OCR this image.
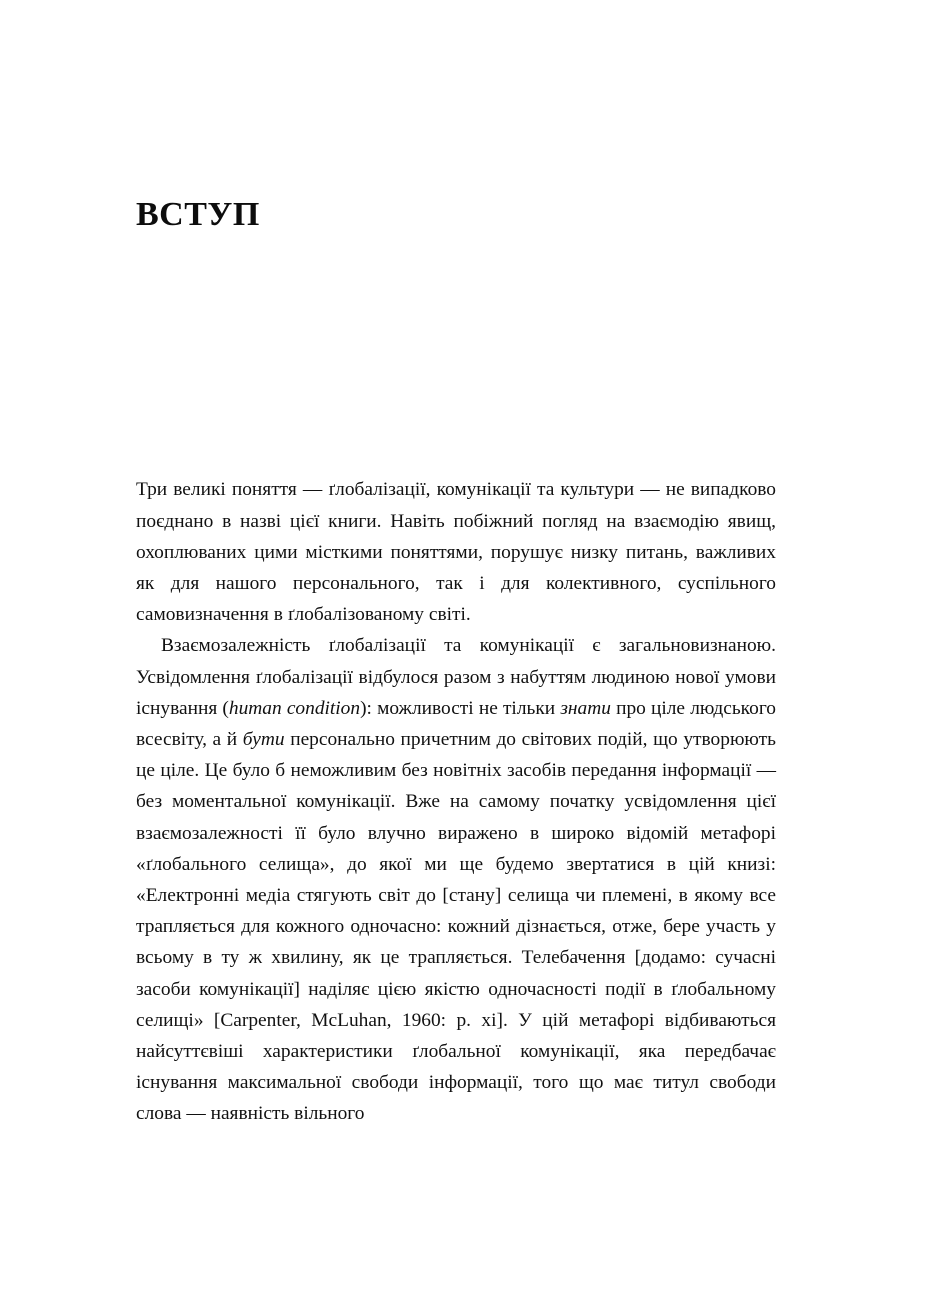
ВСТУП

Три великі поняття — ґлобалізації, комунікації та культури — не випадково поєднано в назві цієї книги. Навіть побіжний погляд на взаємодію явищ, охоплюваних цими місткими поняттями, порушує низку питань, важливих як для нашого персонального, так і для колективного, суспільного самовизначення в ґлобалізованому світі.

Взаємозалежність ґлобалізації та комунікації є загальновизнаною. Усвідомлення ґлобалізації відбулося разом з набуттям людиною нової умови існування (human condition): можливості не тільки знати про ціле людського всесвіту, а й бути персонально причетним до світових подій, що утворюють це ціле. Це було б неможливим без новітніх засобів передання інформації — без моментальної комунікації. Вже на самому початку усвідомлення цієї взаємозалежності її було влучно виражено в широко відомій метафорі «ґлобального селища», до якої ми ще будемо звертатися в цій книзі: «Електронні медіа стягують світ до [стану] селища чи племені, в якому все трапляється для кожного одночасно: кожний дізнається, отже, бере участь у всьому в ту ж хвилину, як це трапляється. Телебачення [додамо: сучасні засоби комунікації] наділяє цією якістю одночасності події в ґлобальному селищі» [Carpenter, McLuhan, 1960: p. xi]. У цій метафорі відбиваються найсуттєвіші характеристики ґлобальної комунікації, яка передбачає існування максимальної свободи інформації, того що має титул свободи слова — наявність вільного
